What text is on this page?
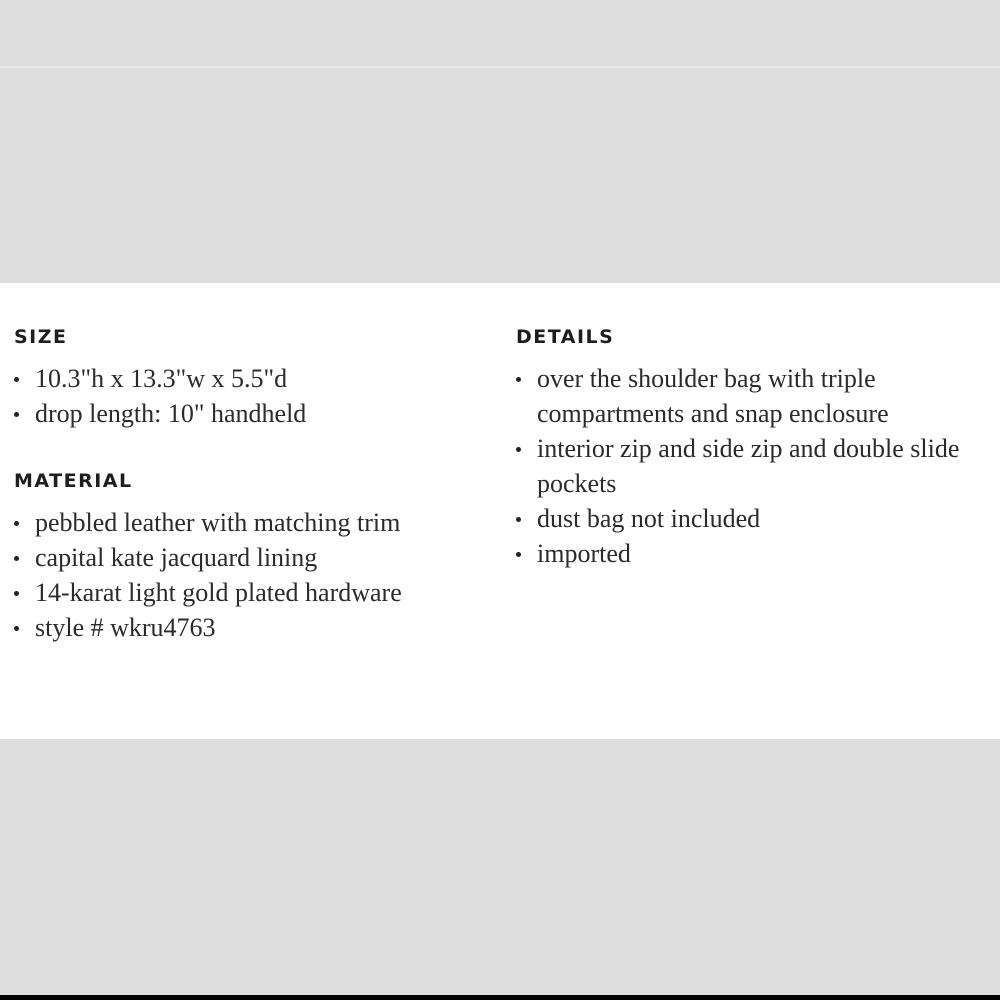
SIZE
10.3"h x 13.3"w x 5.5"d
drop length: 10" handheld
MATERIAL
pebbled leather with matching trim
capital kate jacquard lining
14-karat light gold plated hardware
style # wkru4763
DETAILS
over the shoulder bag with triple compartments and snap enclosure
interior zip and side zip and double slide pockets
dust bag not included
imported
